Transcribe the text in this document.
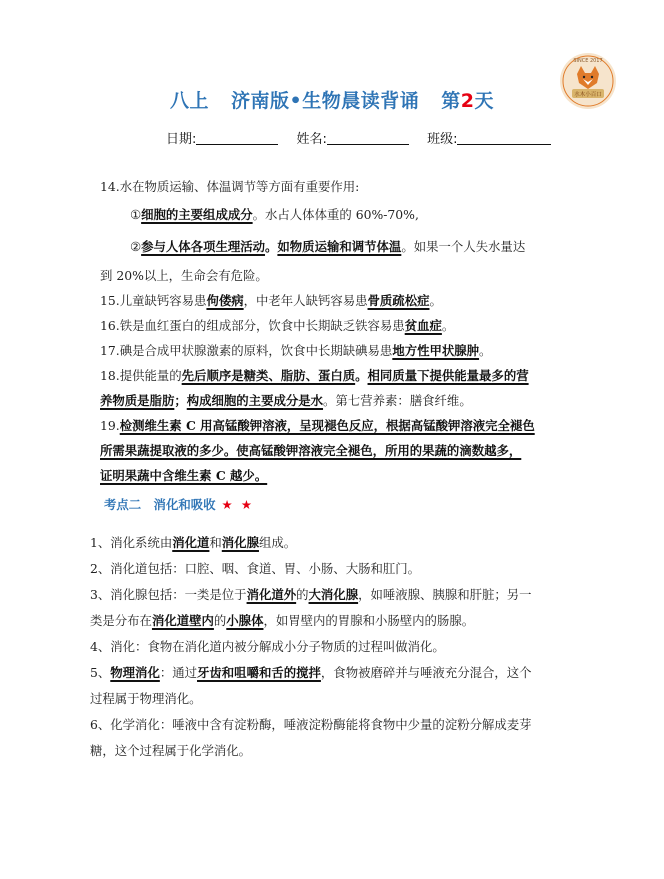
SINCE 2017
水木小百口
八上 济南版•生物晨读背诵 第2天
日期:	姓名:	班级:
14.水在物质运输、体温调节等方面有重要作用:
①细胞的主要组成成分。水占人体体重的 60%-70%,
②参与人体各项生理活动。如物质运输和调节体温。如果一个人失水量达
到 20%以上，生命会有危险。
15.儿童缺钙容易患佝偻病，中老年人缺钙容易患骨质疏松症。
16.铁是血红蛋白的组成部分，饮食中长期缺乏铁容易患贫血症。
17.碘是合成甲状腺激素的原料，饮食中长期缺碘易患地方性甲状腺肿。
18.提供能量的先后顺序是糖类、脂肪、蛋白质。相同质量下提供能量最多的营
养物质是脂肪；构成细胞的主要成分是水。第七营养素：膳食纤维。
19.检测维生素 C 用高锰酸钾溶液，呈现褪色反应，根据高锰酸钾溶液完全褪色
所需果蔬提取液的多少。使高锰酸钾溶液完全褪色，所用的果蔬的滴数越多，
证明果蔬中含维生素 C 越少。
考点二　消化和吸收 ★ ★
1、消化系统由消化道和消化腺组成。
2、消化道包括：口腔、咽、食道、胃、小肠、大肠和肛门。
3、消化腺包括：一类是位于消化道外的大消化腺，如唾液腺、胰腺和肝脏；另一
类是分布在消化道壁内的小腺体，如胃壁内的胃腺和小肠壁内的肠腺。
4、消化：食物在消化道内被分解成小分子物质的过程叫做消化。
5、物理消化：通过牙齿和咀嚼和舌的搅拌，食物被磨碎并与唾液充分混合，这个
过程属于物理消化。
6、化学消化：唾液中含有淀粉酶，唾液淀粉酶能将食物中少量的淀粉分解成麦芽
糖，这个过程属于化学消化。
